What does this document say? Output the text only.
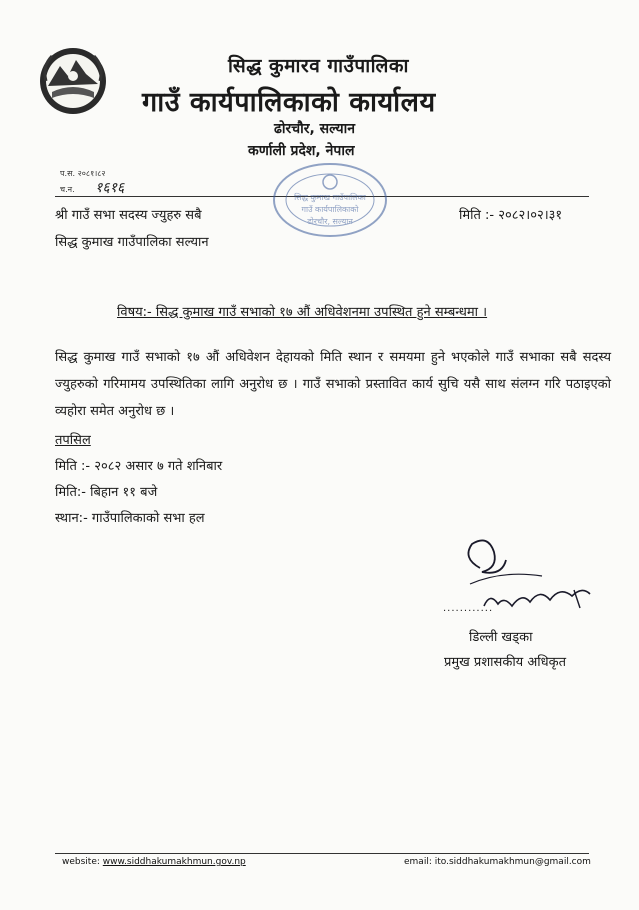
सिद्ध कुमारव गाउँपालिका
गाउँ कार्यपालिकाको कार्यालय
ढोरचौर, सल्यान
कर्णाली प्रदेश, नेपाल
प.स. २०८१।८२
च.न. १६१६
सिद्ध कुमाख गाउँपालिका
गाउँ कार्यपालिकाको
ढोरचौर, सल्यान
श्री गाउँ सभा सदस्य ज्युहरु सबै
सिद्ध कुमाख गाउँपालिका सल्यान
मिति :- २०८२।०२।३१
विषय:- सिद्ध कुमाख गाउँ सभाको १७ औं अधिवेशनमा उपस्थित हुने सम्बन्धमा ।
सिद्ध कुमाख गाउँ सभाको १७ औं अधिवेशन देहायको मिति स्थान र समयमा हुने भएकोले गाउँ सभाका सबै सदस्य ज्युहरुको गरिमामय उपस्थितिका लागि अनुरोध छ । गाउँ सभाको प्रस्तावित कार्य सुचि यसै साथ संलग्न गरि पठाइएको व्यहोरा समेत अनुरोध छ ।
तपसिल
मिति :- २०८२ असार ७ गते शनिबार
मिति:- बिहान ११ बजे
स्थान:- गाउँपालिकाको सभा हल
............
डिल्ली खड्का
प्रमुख प्रशासकीय अधिकृत
website: www.siddhakumakhmun.gov.np	email: ito.siddhakumakhmun@gmail.com
